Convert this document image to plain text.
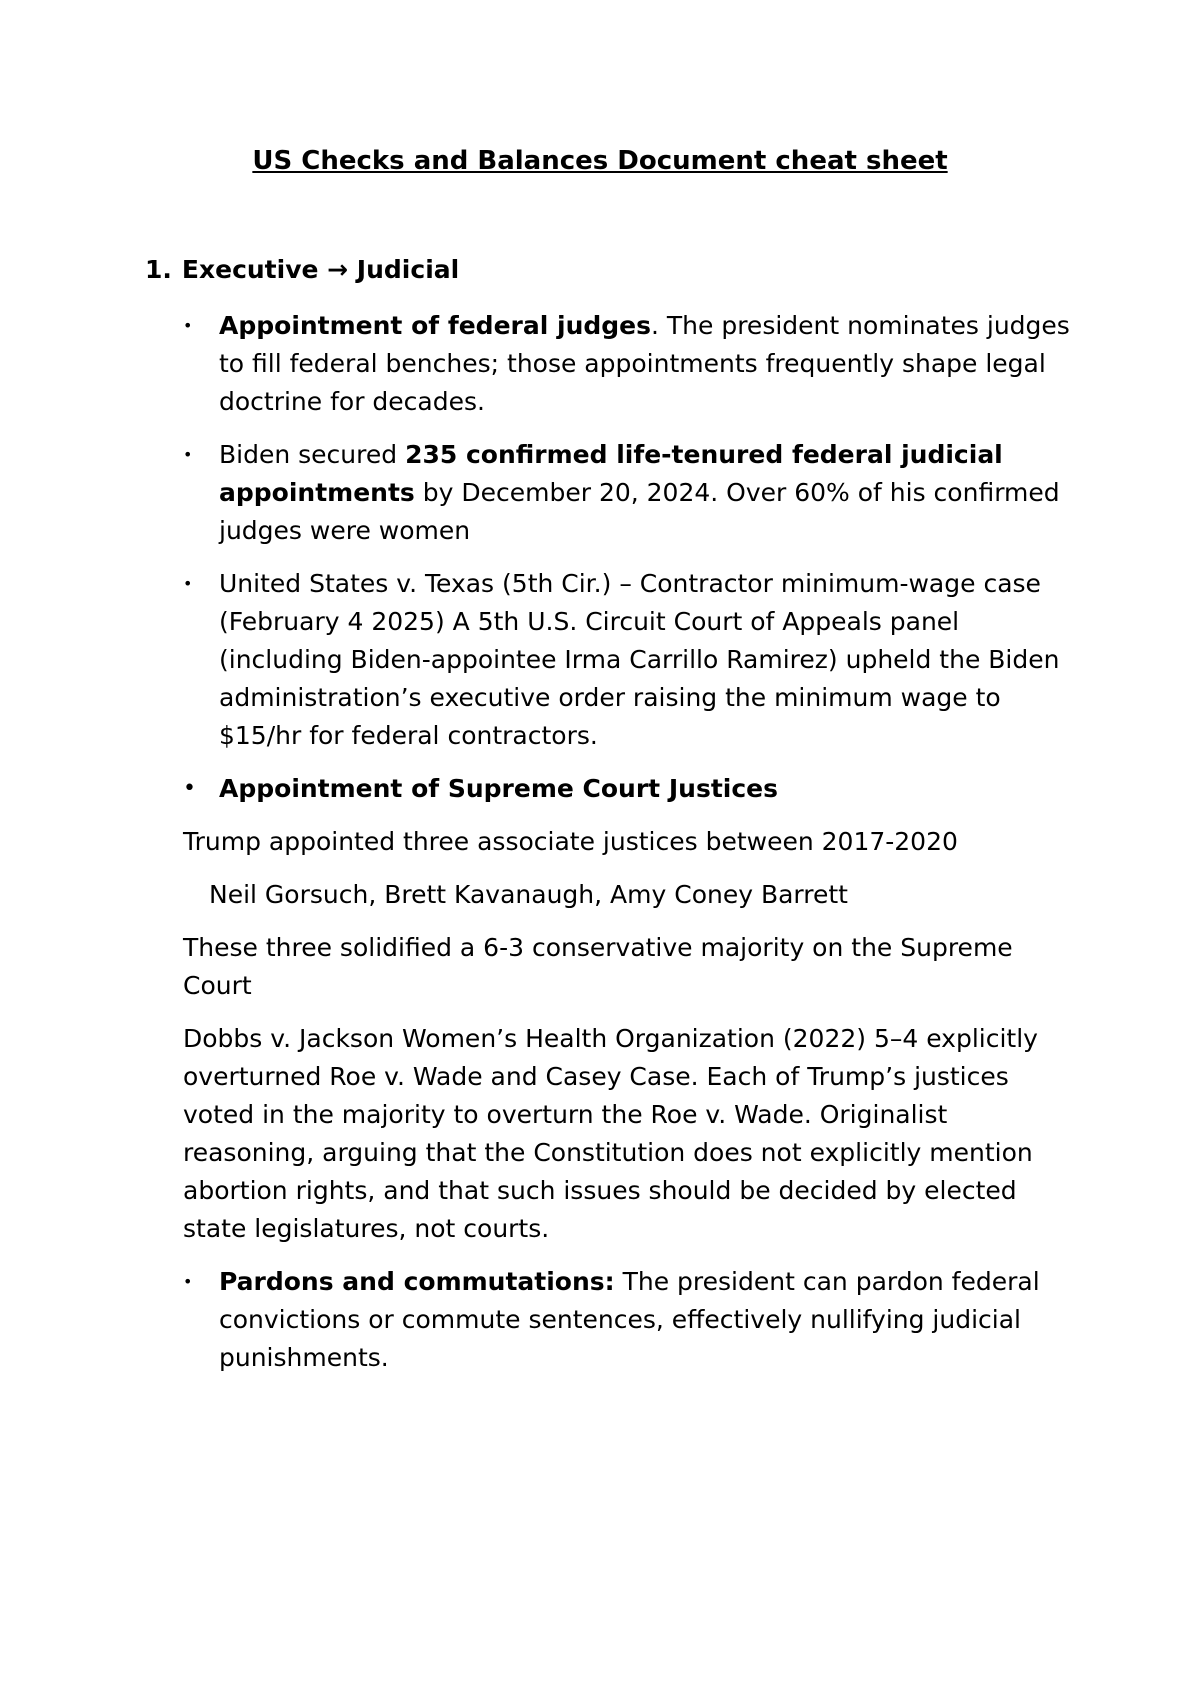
US Checks and Balances Document cheat sheet
1. Executive → Judicial
•	Appointment of federal judges. The president nominates judges to fill federal benches; those appointments frequently shape legal doctrine for decades.
•	Biden secured 235 confirmed life-tenured federal judicial appointments by December 20, 2024. Over 60% of his confirmed judges were women
•	United States v. Texas (5th Cir.) – Contractor minimum-wage case (February 4 2025) A 5th U.S. Circuit Court of Appeals panel (including Biden-appointee Irma Carrillo Ramirez) upheld the Biden administration’s executive order raising the minimum wage to $15/hr for federal contractors.
• Appointment of Supreme Court Justices

Trump appointed three associate justices between 2017-2020

Neil Gorsuch, Brett Kavanaugh, Amy Coney Barrett

These three solidified a 6-3 conservative majority on the Supreme Court

Dobbs v. Jackson Women’s Health Organization (2022) 5–4 explicitly overturned Roe v. Wade and Casey Case. Each of Trump’s justices voted in the majority to overturn the Roe v. Wade. Originalist reasoning, arguing that the Constitution does not explicitly mention abortion rights, and that such issues should be decided by elected state legislatures, not courts.

•	Pardons and commutations: The president can pardon federal convictions or commute sentences, effectively nullifying judicial punishments.
